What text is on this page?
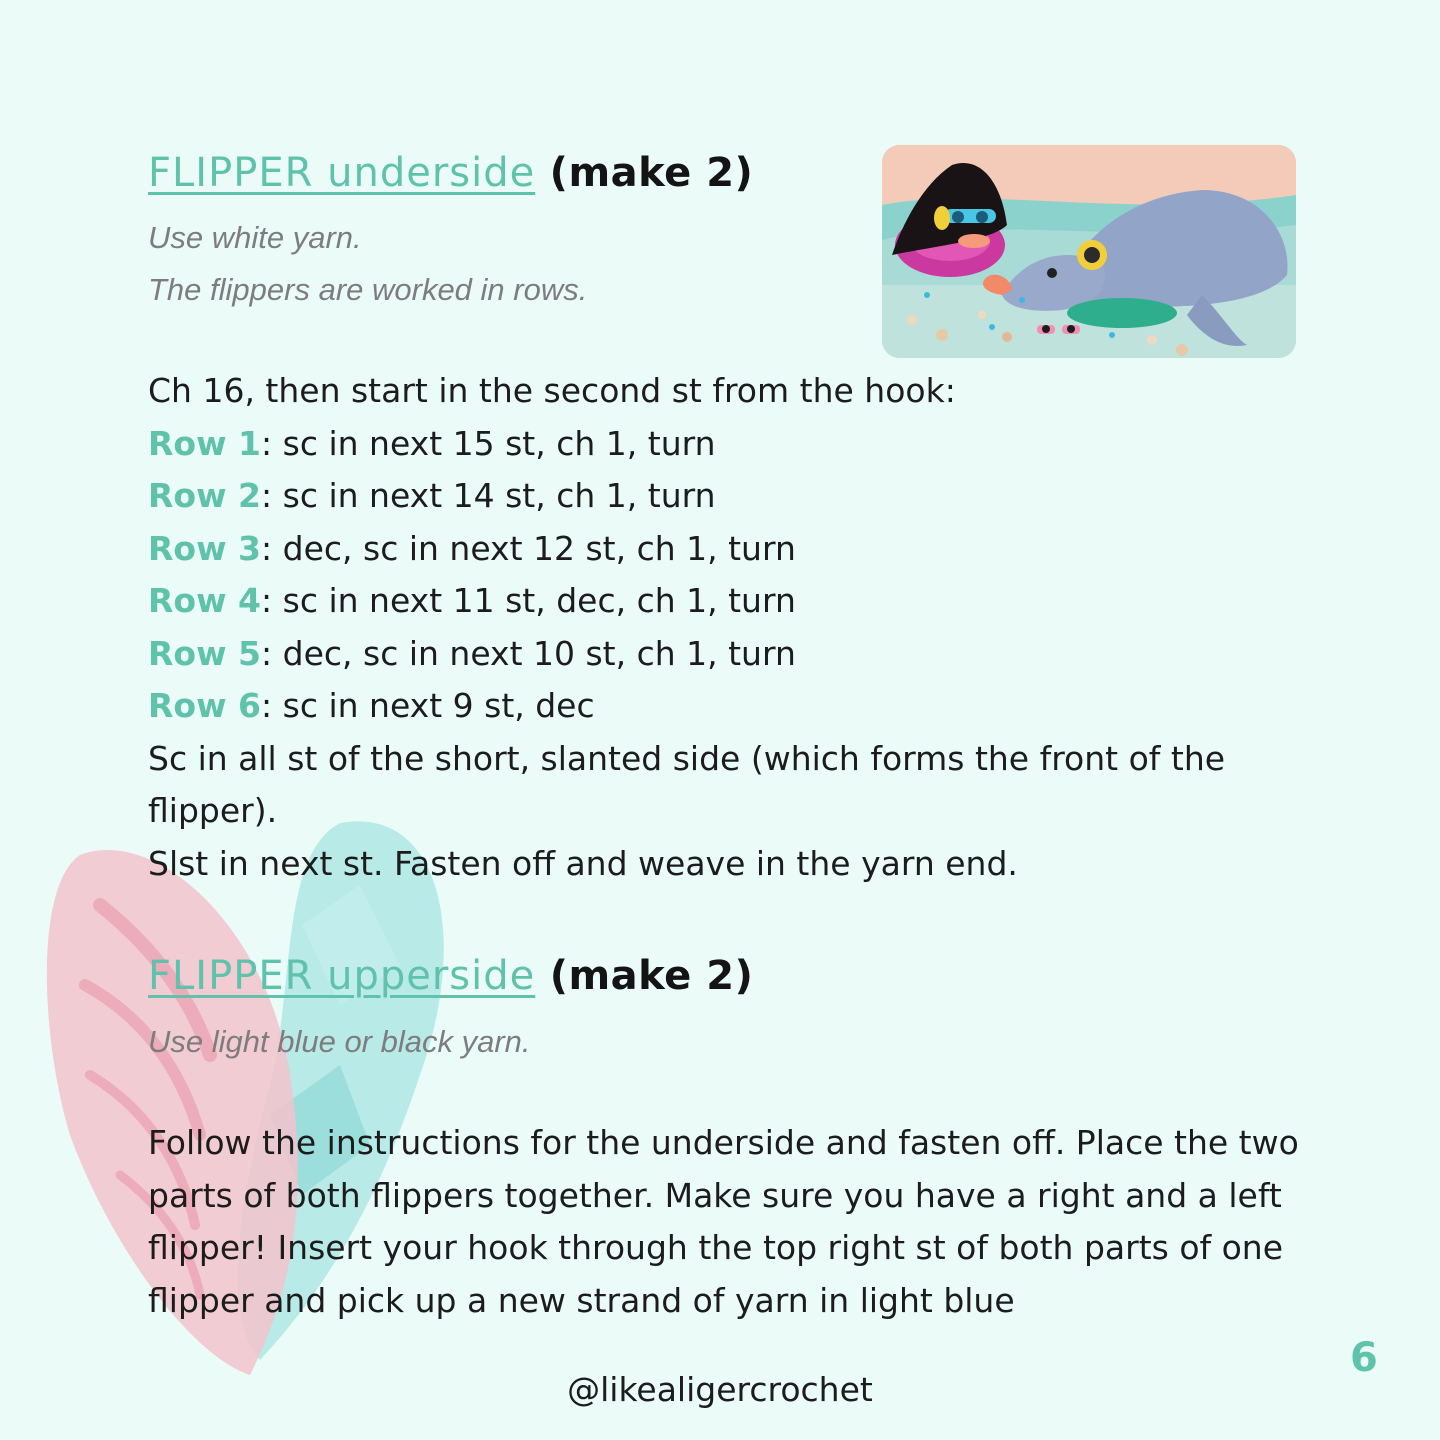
FLIPPER underside (make 2)
Use white yarn.
The flippers are worked in rows.

Ch 16, then start in the second st from the hook:

Row 1: sc in next 15 st, ch 1, turn

Row 2: sc in next 14 st, ch 1, turn

Row 3: dec, sc in next 12 st, ch 1, turn

Row 4: sc in next 11 st, dec, ch 1, turn

Row 5: dec, sc in next 10 st, ch 1, turn

Row 6: sc in next 9 st, dec

Sc in all st of the short, slanted side (which forms the front of the flipper).

Slst in next st. Fasten off and weave in the yarn end.

FLIPPER upperside (make 2)
Use light blue or black yarn.

Follow the instructions for the underside and fasten off. Place the two parts of both flippers together. Make sure you have a right and a left flipper! Insert your hook through the top right st of both parts of one flipper and pick up a new strand of yarn in light blue

6
@likealigercrochet
